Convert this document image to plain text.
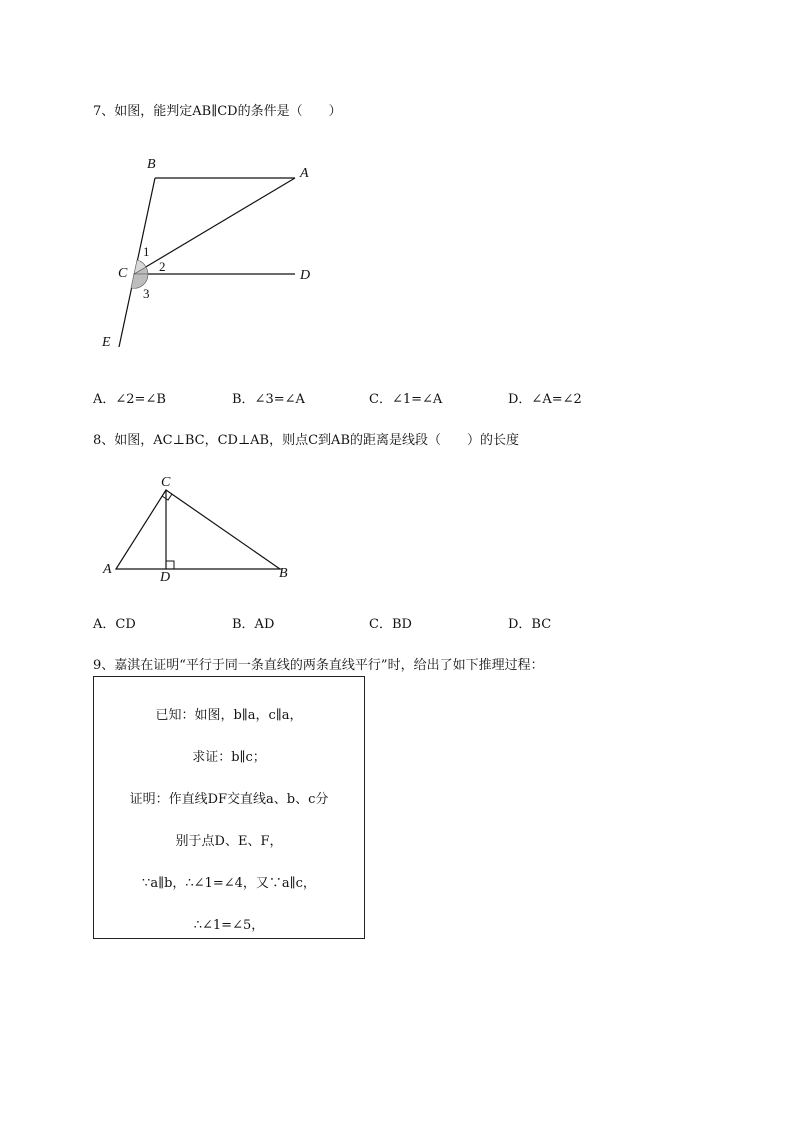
7、如图，能判定AB∥CD的条件是（　　）
B
A
C	D
E
1
2
3
A．∠2=∠B	B．∠3=∠A	C．∠1=∠A	D．∠A=∠2
8、如图，AC⊥BC，CD⊥AB，则点C到AB的距离是线段（　　）的长度
C
A
D	B
A．CD	B．AD	C．BD	D．BC
9、嘉淇在证明“平行于同一条直线的两条直线平行”时，给出了如下推理过程：
已知：如图，b∥a，c∥a，
求证：b∥c；
证明：作直线DF交直线a、b、c分
别于点D、E、F，
∵a∥b，∴∠1=∠4，又∵a∥c，
∴∠1=∠5，
